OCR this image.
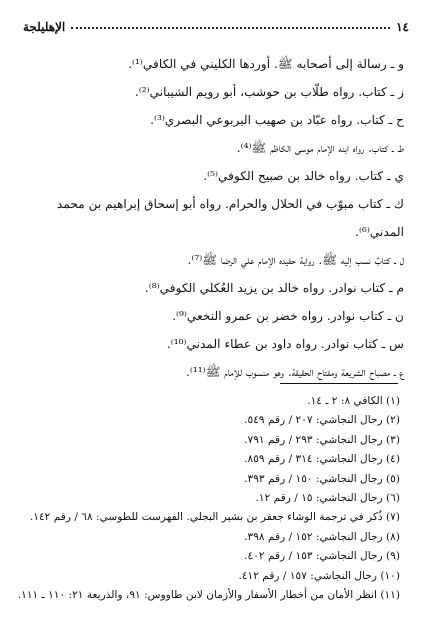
١٤
الإهليلجة
و ـ رسالة إلى أصحابه ﷺ. أوردها الكليني في الكافي⁽¹⁾.
ز ـ كتاب. رواه طلّاب بن حوشب، أبو رويم الشيباني⁽²⁾.
ح ـ كتاب. رواه عبّاد بن صهيب اليربوعي البصري⁽³⁾.
ط ـ كتاب. رواه ابنه الإمام موسى الكاظم ﷺ⁽⁴⁾.
ي ـ كتاب. رواه خالد بن صبيح الكوفي⁽⁵⁾.
ك ـ كتاب مبوّب في الحلال والحرام. رواه أبو إسحاق إبراهيم بن محمد المدني⁽⁶⁾.
ل ـ كتابٌ نسب إليه ﷺ. رواية حفيده الإمام علي الرضا ﷺ⁽⁷⁾.
م ـ كتاب نوادر. رواه خالد بن يزيد العُكلي الكوفي⁽⁸⁾.
ن ـ كتاب نوادر. رواه خضر بن عمرو النخعي⁽⁹⁾.
س ـ كتاب نوادر. رواه داود بن عطاء المدني⁽¹⁰⁾.
ع ـ مصباح الشريعة ومفتاح الحقيقة. وهو منسوب للإمام ﷺ⁽¹¹⁾.
(١) الكافي ٨: ٢ ـ ١٤.
(٢) رجال النجاشي: ٢٠٧ / رقم ٥٤٩.
(٣) رجال النجاشي: ٢٩٣ / رقم ٧٩١.
(٤) رجال النجاشي: ٣١٤ / رقم ٨٥٩.
(٥) رجال النجاشي: ١٥٠ / رقم ٣٩٣.
(٦) رجال النجاشي: ١٥ / رقم ١٢.
(٧) ذُكر في ترجمة الوشاء جعفر بن بشير البجلي. الفهرست للطوسي: ٦٨ / رقم ١٤٢.
(٨) رجال النجاشي: ١٥٢ / رقم ٣٩٨.
(٩) رجال النجاشي: ١٥٣ / رقم ٤٠٢.
(١٠) رجال النجاشي: ١٥٧ / رقم ٤١٢.
(١١) انظر الأمان من أخطار الأسفار والأزمان لابن طاووس: ٩١، والذريعة ٢١: ١١٠ ـ ١١١.
